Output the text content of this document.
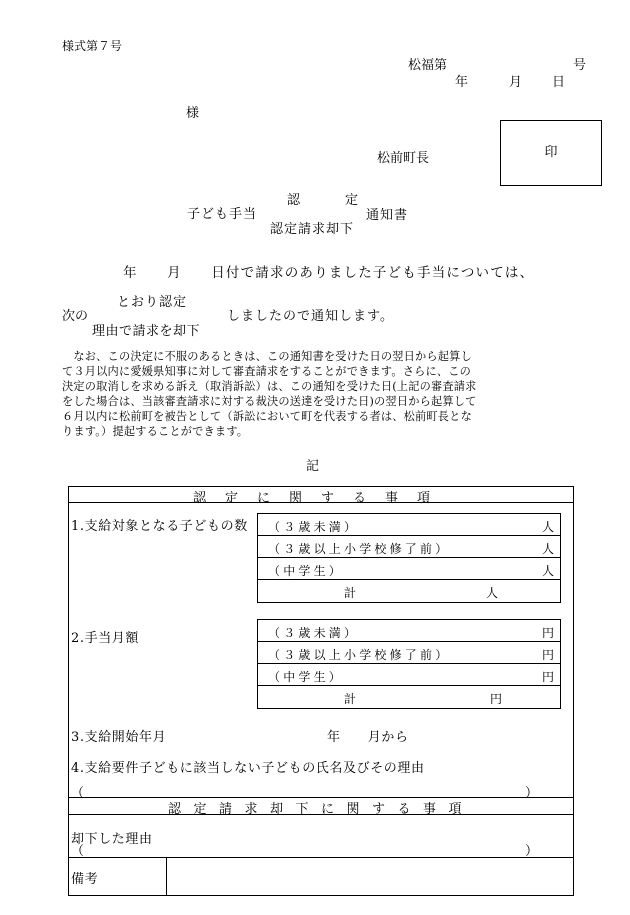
様式第７号
松福第	号
年	月 日
様
印
松前町長
認　定
子ども手当	通知書
認定請求却下
年　　月　　日付で請求のありました子ども手当については、
とおり認定
次の	しましたので通知します。
理由で請求を却下
　なお、この決定に不服のあるときは、この通知書を受けた日の翌日から起算し
て３月以内に愛媛県知事に対して審査請求をすることができます。さらに、この
決定の取消しを求める訴え（取消訴訟）は、この通知を受けた日(上記の審査請求
をした場合は、当該審査請求に対する裁決の送達を受けた日)の翌日から起算して
６月以内に松前町を被告として（訴訟において町を代表する者は、松前町長とな
ります。）提起することができます。
記
認定に関する事項
1.支給対象となる子どもの数 （３歳未満）	人
（３歳以上小学校修了前）	人
（中学生）	人
計	人
2.手当月額	（３歳未満）	円
（３歳以上小学校修了前）	円
（中学生）	円
計	円
3.支給開始年月	年　　月から
4.支給要件子どもに該当しない子どもの氏名及びその理由
（	）
認定請求却下に関する事項
却下した理由
（	）
備考
